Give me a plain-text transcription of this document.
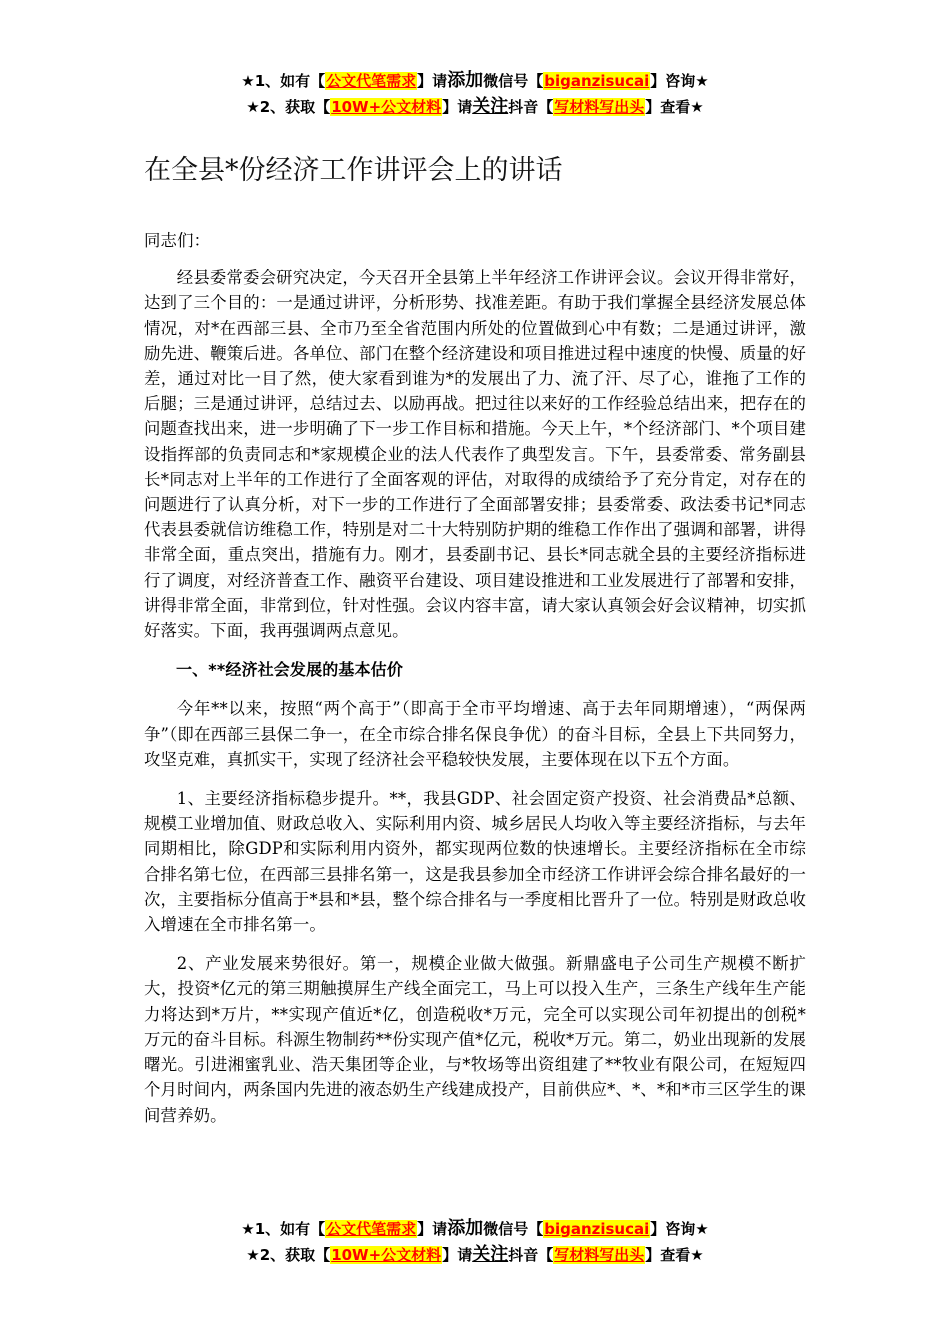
★1、如有【公文代笔需求】请添加微信号【biganzisucai】咨询★
★2、获取【10W+公文材料】请关注抖音【写材料写出头】查看★
在全县*份经济工作讲评会上的讲话
同志们：
经县委常委会研究决定，今天召开全县第上半年经济工作讲评会议。会议开得非常好，达到了三个目的：一是通过讲评，分析形势、找准差距。有助于我们掌握全县经济发展总体情况，对*在西部三县、全市乃至全省范围内所处的位置做到心中有数；二是通过讲评，激励先进、鞭策后进。各单位、部门在整个经济建设和项目推进过程中速度的快慢、质量的好差，通过对比一目了然，使大家看到谁为*的发展出了力、流了汗、尽了心，谁拖了工作的后腿；三是通过讲评，总结过去、以励再战。把过往以来好的工作经验总结出来，把存在的问题查找出来，进一步明确了下一步工作目标和措施。今天上午，*个经济部门、*个项目建设指挥部的负责同志和*家规模企业的法人代表作了典型发言。下午，县委常委、常务副县长*同志对上半年的工作进行了全面客观的评估，对取得的成绩给予了充分肯定，对存在的问题进行了认真分析，对下一步的工作进行了全面部署安排；县委常委、政法委书记*同志代表县委就信访维稳工作，特别是对二十大特别防护期的维稳工作作出了强调和部署，讲得非常全面，重点突出，措施有力。刚才，县委副书记、县长*同志就全县的主要经济指标进行了调度，对经济普查工作、融资平台建设、项目建设推进和工业发展进行了部署和安排，讲得非常全面，非常到位，针对性强。会议内容丰富，请大家认真领会好会议精神，切实抓好落实。下面，我再强调两点意见。
一、**经济社会发展的基本估价
今年**以来，按照“两个高于”（即高于全市平均增速、高于去年同期增速），“两保两争”（即在西部三县保二争一，在全市综合排名保良争优）的奋斗目标，全县上下共同努力，攻坚克难，真抓实干，实现了经济社会平稳较快发展，主要体现在以下五个方面。
1、主要经济指标稳步提升。**，我县GDP、社会固定资产投资、社会消费品*总额、规模工业增加值、财政总收入、实际利用内资、城乡居民人均收入等主要经济指标，与去年同期相比，除GDP和实际利用内资外，都实现两位数的快速增长。主要经济指标在全市综合排名第七位，在西部三县排名第一，这是我县参加全市经济工作讲评会综合排名最好的一次，主要指标分值高于*县和*县，整个综合排名与一季度相比晋升了一位。特别是财政总收入增速在全市排名第一。
2、产业发展来势很好。第一，规模企业做大做强。新鼎盛电子公司生产规模不断扩大，投资*亿元的第三期触摸屏生产线全面完工，马上可以投入生产，三条生产线年生产能力将达到*万片，**实现产值近*亿，创造税收*万元，完全可以实现公司年初提出的创税*万元的奋斗目标。科源生物制药**份实现产值*亿元，税收*万元。第二，奶业出现新的发展曙光。引进湘蜜乳业、浩天集团等企业，与*牧场等出资组建了**牧业有限公司，在短短四个月时间内，两条国内先进的液态奶生产线建成投产，目前供应*、*、*和*市三区学生的课间营养奶。
★1、如有【公文代笔需求】请添加微信号【biganzisucai】咨询★
★2、获取【10W+公文材料】请关注抖音【写材料写出头】查看★
